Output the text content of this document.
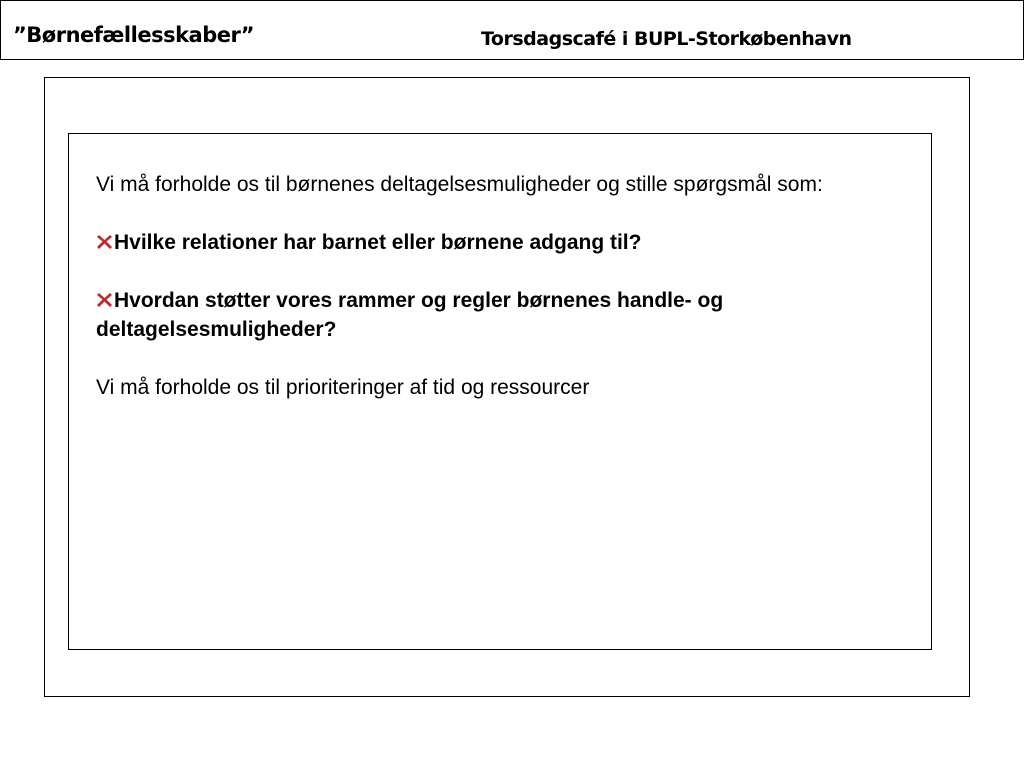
”Børnefællesskaber”	Torsdagscafé i BUPL-Storkøbenhavn

Vi må forholde os til børnenes deltagelsesmuligheder og stille spørgsmål som:

Hvilke relationer har barnet eller børnene adgang til?

Hvordan støtter vores rammer og regler børnenes handle- og deltagelsesmuligheder?

Vi må forholde os til prioriteringer af tid og ressourcer
